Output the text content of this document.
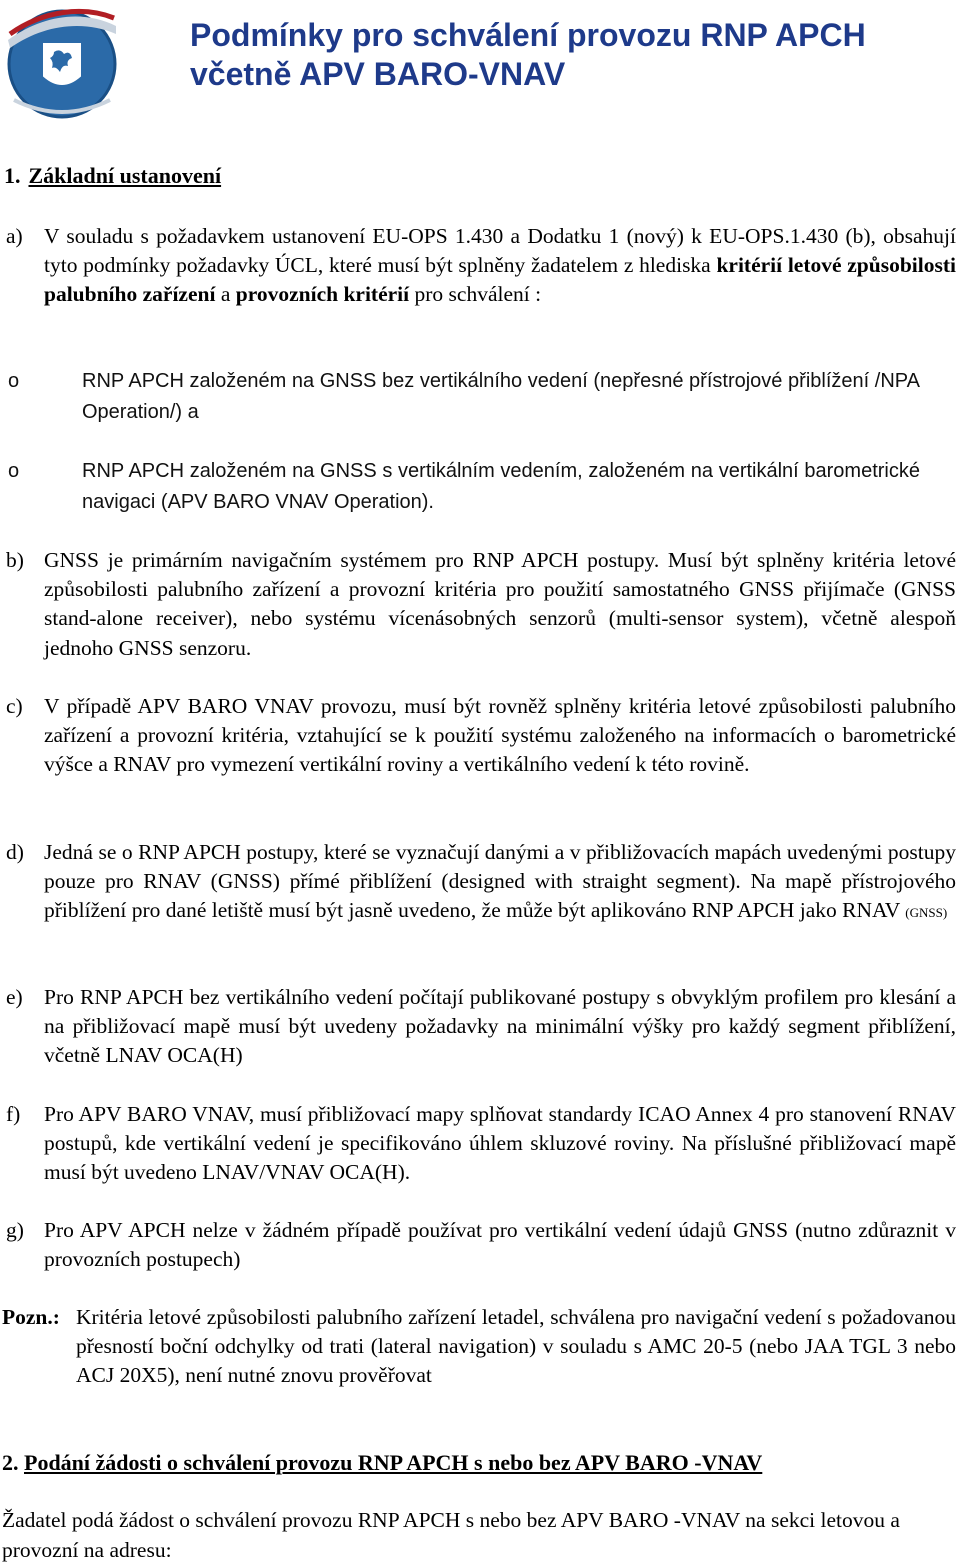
Podmínky pro schválení provozu RNP APCH
včetně APV BARO-VNAV
1. Základní ustanovení
a) V souladu s požadavkem ustanovení EU-OPS 1.430 a Dodatku 1 (nový) k EU-OPS.1.430 (b), obsahují tyto podmínky požadavky ÚCL, které musí být splněny žadatelem z hlediska kritérií letové způsobilosti palubního zařízení a provozních kritérií pro schválení :
o	RNP APCH založeném na GNSS bez vertikálního vedení (nepřesné přístrojové přiblížení /NPA Operation/) a
o	RNP APCH založeném na GNSS s vertikálním vedením, založeném na vertikální barometrické navigaci (APV BARO VNAV Operation).
b) GNSS je primárním navigačním systémem pro RNP APCH postupy. Musí být splněny kritéria letové způsobilosti palubního zařízení a provozní kritéria pro použití samostatného GNSS přijímače (GNSS stand-alone receiver), nebo systému vícenásobných senzorů (multi-sensor system), včetně alespoň jednoho GNSS senzoru.
c) V případě APV BARO VNAV provozu, musí být rovněž splněny kritéria letové způsobilosti palubního zařízení a provozní kritéria, vztahující se k použití systému založeného na informacích o barometrické výšce a RNAV pro vymezení vertikální roviny a vertikálního vedení k této rovině.
d) Jedná se o RNP APCH postupy, které se vyznačují danými a v přibližovacích mapách uvedenými postupy pouze pro RNAV (GNSS) přímé přiblížení (designed with straight segment). Na mapě přístrojového přiblížení pro dané letiště musí být jasně uvedeno, že může být aplikováno RNP APCH jako RNAV (GNSS)
e) Pro RNP APCH bez vertikálního vedení počítají publikované postupy s obvyklým profilem pro klesání a na přibližovací mapě musí být uvedeny požadavky na minimální výšky pro každý segment přiblížení, včetně LNAV OCA(H)
f) Pro APV BARO VNAV, musí přibližovací mapy splňovat standardy ICAO Annex 4 pro stanovení RNAV postupů, kde vertikální vedení je specifikováno úhlem skluzové roviny. Na příslušné přibližovací mapě musí být uvedeno LNAV/VNAV OCA(H).
g) Pro APV APCH nelze v žádném případě používat pro vertikální vedení údajů GNSS (nutno zdůraznit v provozních postupech)
Pozn.: Kritéria letové způsobilosti palubního zařízení letadel, schválena pro navigační vedení s požadovanou přesností boční odchylky od trati (lateral navigation) v souladu s AMC 20-5 (nebo JAA TGL 3 nebo ACJ 20X5), není nutné znovu prověřovat
2. Podání žádosti o schválení provozu RNP APCH s nebo bez APV BARO -VNAV
Žadatel podá žádost o schválení provozu RNP APCH s nebo bez APV BARO -VNAV na sekci letovou a provozní na adresu:
